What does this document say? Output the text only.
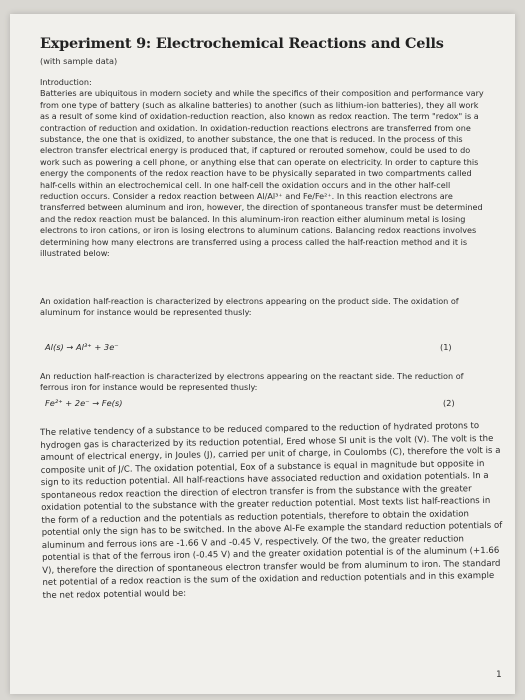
Experiment 9: Electrochemical Reactions and Cells
(with sample data)

Introduction:

Batteries are ubiquitous in modern society and while the specifics of their composition and performance vary from one type of battery (such as alkaline batteries) to another (such as lithium-ion batteries), they all work as a result of some kind of oxidation-reduction reaction, also known as redox reaction. The term "redox" is a contraction of reduction and oxidation. In oxidation-reduction reactions electrons are transferred from one substance, the one that is oxidized, to another substance, the one that is reduced. In the process of this electron transfer electrical energy is produced that, if captured or rerouted somehow, could be used to do work such as powering a cell phone, or anything else that can operate on electricity. In order to capture this energy the components of the redox reaction have to be physically separated in two compartments called half-cells within an electrochemical cell. In one half-cell the oxidation occurs and in the other half-cell reduction occurs. Consider a redox reaction between Al/Al³⁺ and Fe/Fe²⁺. In this reaction electrons are transferred between aluminum and iron, however, the direction of spontaneous transfer must be determined and the redox reaction must be balanced. In this aluminum-iron reaction either aluminum metal is losing electrons to iron cations, or iron is losing electrons to aluminum cations. Balancing redox reactions involves determining how many electrons are transferred using a process called the half-reaction method and it is illustrated below:

An oxidation half-reaction is characterized by electrons appearing on the product side. The oxidation of aluminum for instance would be represented thusly:

Al(s) → Al³⁺ + 3e⁻	(1)

An reduction half-reaction is characterized by electrons appearing on the reactant side. The reduction of ferrous iron for instance would be represented thusly:

Fe²⁺ + 2e⁻ → Fe(s)	(2)

The relative tendency of a substance to be reduced compared to the reduction of hydrated protons to hydrogen gas is characterized by its reduction potential, Ered whose SI unit is the volt (V). The volt is the amount of electrical energy, in Joules (J), carried per unit of charge, in Coulombs (C), therefore the volt is a composite unit of J/C. The oxidation potential, Eox of a substance is equal in magnitude but opposite in sign to its reduction potential. All half-reactions have associated reduction and oxidation potentials. In a spontaneous redox reaction the direction of electron transfer is from the substance with the greater oxidation potential to the substance with the greater reduction potential. Most texts list half-reactions in the form of a reduction and the potentials as reduction potentials, therefore to obtain the oxidation potential only the sign has to be switched. In the above Al-Fe example the standard reduction potentials of aluminum and ferrous ions are -1.66 V and -0.45 V, respectively. Of the two, the greater reduction potential is that of the ferrous iron (-0.45 V) and the greater oxidation potential is of the aluminum (+1.66 V), therefore the direction of spontaneous electron transfer would be from aluminum to iron. The standard net potential of a redox reaction is the sum of the oxidation and reduction potentials and in this example the net redox potential would be:

1
